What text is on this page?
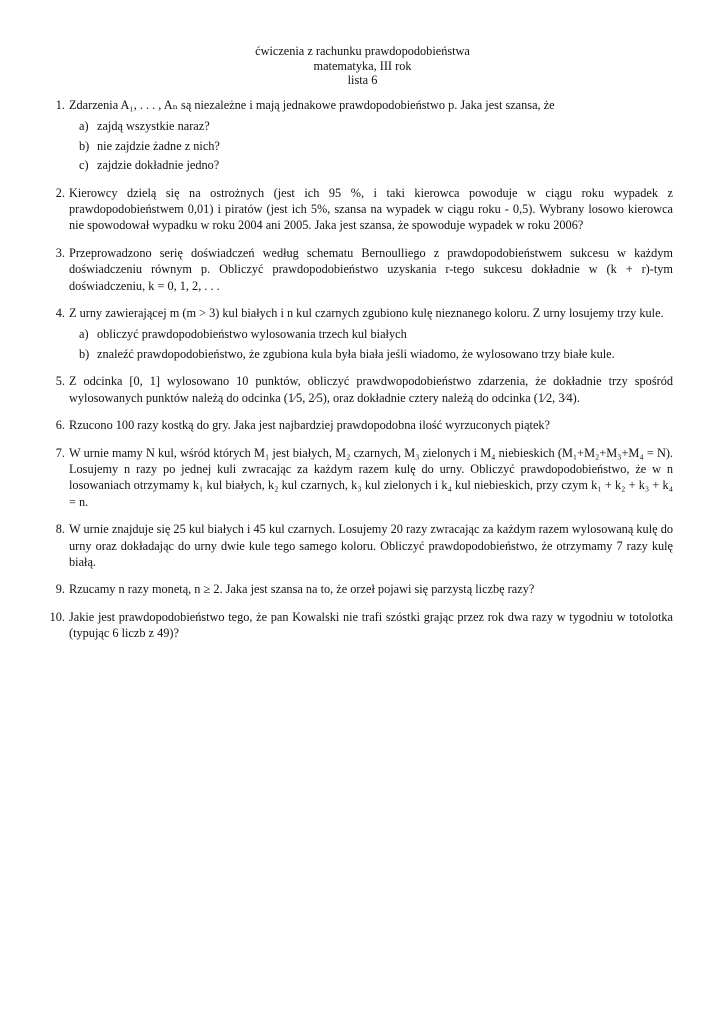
ćwiczenia z rachunku prawdopodobieństwa
matematyka, III rok
lista 6
1. Zdarzenia A₁, . . . , Aₙ są niezależne i mają jednakowe prawdopodobieństwo p. Jaka jest szansa, że
a) zajdą wszystkie naraz?
b) nie zajdzie żadne z nich?
c) zajdzie dokładnie jedno?
2. Kierowcy dzielą się na ostrożnych (jest ich 95 %, i taki kierowca powoduje w ciągu roku wypadek z prawdopodobieństwem 0,01) i piratów (jest ich 5%, szansa na wypadek w ciągu roku - 0,5). Wybrany losowo kierowca nie spowodował wypadku w roku 2004 ani 2005. Jaka jest szansa, że spowoduje wypadek w roku 2006?
3. Przeprowadzono serię doświadczeń według schematu Bernoulliego z prawdopodobieństwem sukcesu w każdym doświadczeniu równym p. Obliczyć prawdopodobieństwo uzyskania r-tego sukcesu dokładnie w (k + r)-tym doświadczeniu, k = 0, 1, 2, . . .
4. Z urny zawierającej m (m > 3) kul białych i n kul czarnych zgubiono kulę nieznanego koloru. Z urny losujemy trzy kule.
a) obliczyć prawdopodobieństwo wylosowania trzech kul białych
b) znaleźć prawdopodobieństwo, że zgubiona kula była biała jeśli wiadomo, że wylosowano trzy białe kule.
5. Z odcinka [0, 1] wylosowano 10 punktów, obliczyć prawdwopodobieństwo zdarzenia, że dokładnie trzy spośród wylosowanych punktów należą do odcinka (1⁄5, 2⁄5), oraz dokładnie cztery należą do odcinka (1⁄2, 3⁄4).
6. Rzucono 100 razy kostką do gry. Jaka jest najbardziej prawdopodobna ilość wyrzuconych piątek?
7. W urnie mamy N kul, wśród których M₁ jest białych, M₂ czarnych, M₃ zielonych i M₄ niebieskich (M₁+M₂+M₃+M₄ = N). Losujemy n razy po jednej kuli zwracając za każdym razem kulę do urny. Obliczyć prawdopodobieństwo, że w n losowaniach otrzymamy k₁ kul białych, k₂ kul czarnych, k₃ kul zielonych i k₄ kul niebieskich, przy czym k₁ + k₂ + k₃ + k₄ = n.
8. W urnie znajduje się 25 kul białych i 45 kul czarnych. Losujemy 20 razy zwracając za każdym razem wylosowaną kulę do urny oraz dokładając do urny dwie kule tego samego koloru. Obliczyć prawdopodobieństwo, że otrzymamy 7 razy kulę białą.
9. Rzucamy n razy monetą, n ≥ 2. Jaka jest szansa na to, że orzeł pojawi się parzystą liczbę razy?
10. Jakie jest prawdopodobieństwo tego, że pan Kowalski nie trafi szóstki grając przez rok dwa razy w tygodniu w totolotka (typując 6 liczb z 49)?
